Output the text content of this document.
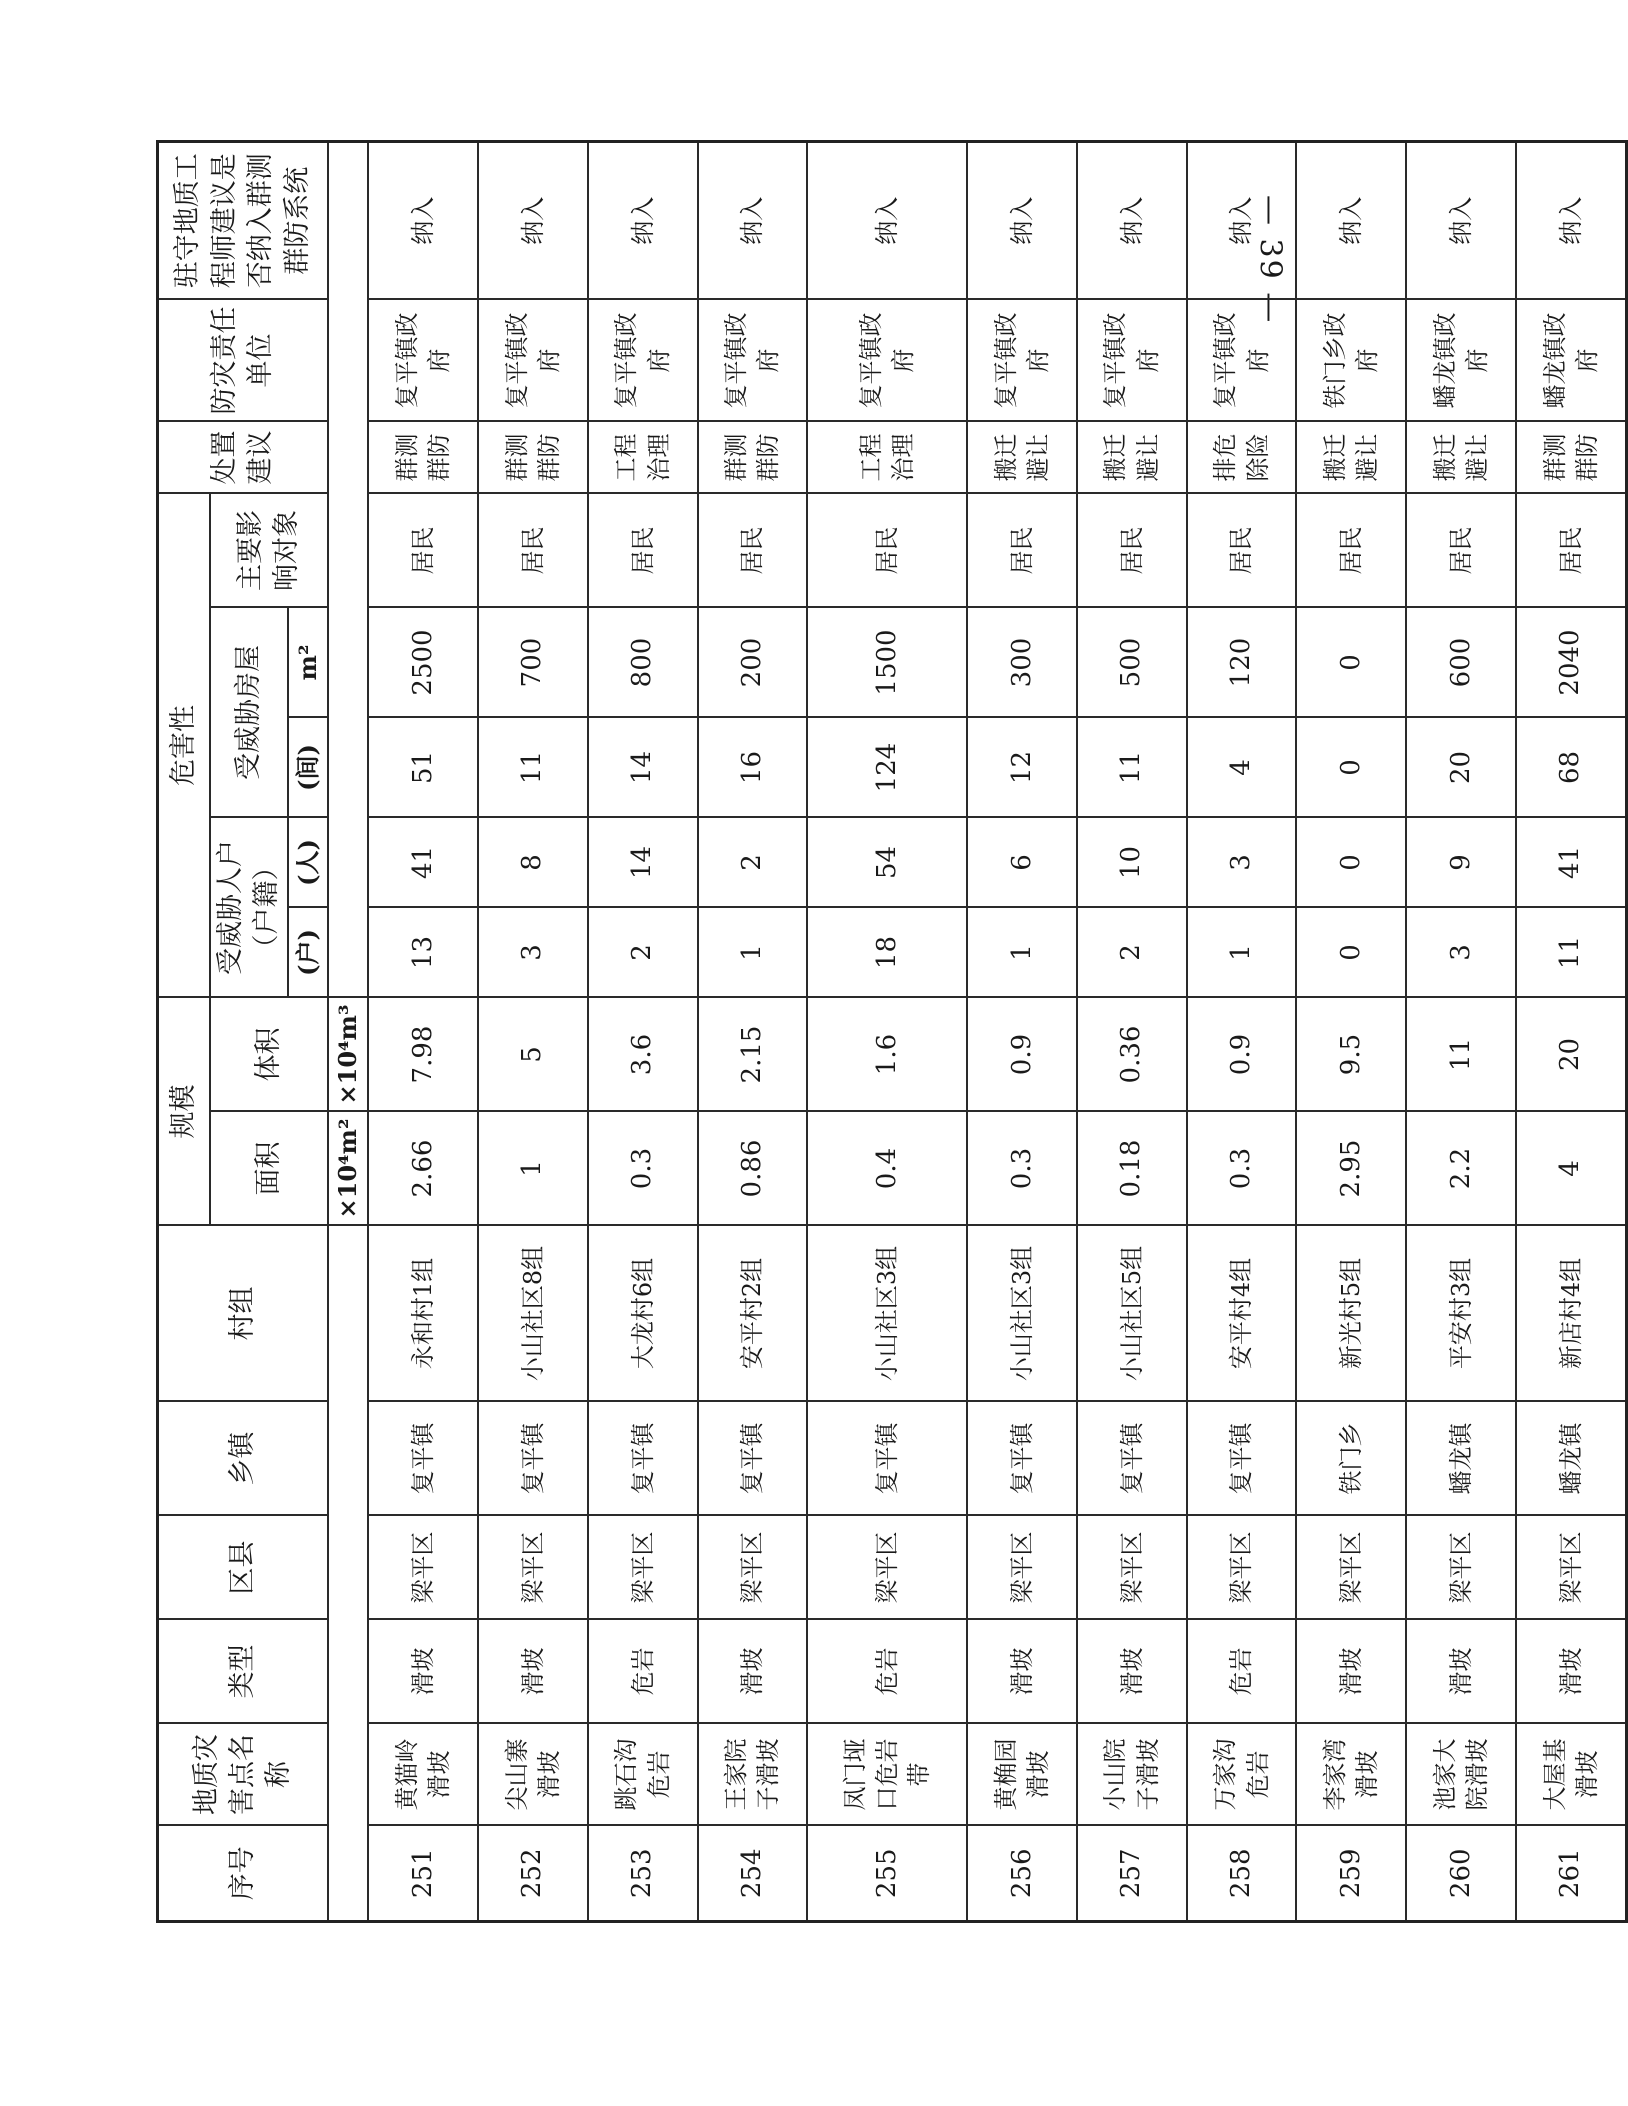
— 39 —
序号	地质灾害点名称	类型	区县	乡镇	村组	规模		危害性					处置建议	防灾责任单位	驻守地质工程师建议是否纳入群测群防系统
						面积	体积	受威胁人户（户籍）		受威胁房屋		主要影响对象			
								(户)	(人)	(间)	m²				
						×10⁴m²	×10⁴m³								
251	黄猫岭滑坡	滑坡	梁平区	复平镇	永和村1组	2.66	7.98	13	41	51	2500	居民	群测群防	复平镇政府	纳入
252	尖山寨滑坡	滑坡	梁平区	复平镇	小山社区8组	1	5	3	8	11	700	居民	群测群防	复平镇政府	纳入
253	跳石沟危岩	危岩	梁平区	复平镇	大龙村6组	0.3	3.6	2	14	14	800	居民	工程治理	复平镇政府	纳入
254	王家院子滑坡	滑坡	梁平区	复平镇	安平村2组	0.86	2.15	1	2	16	200	居民	群测群防	复平镇政府	纳入
255	凤门垭口危岩带	危岩	梁平区	复平镇	小山社区3组	0.4	1.6	18	54	124	1500	居民	工程治理	复平镇政府	纳入
256	黄桷园滑坡	滑坡	梁平区	复平镇	小山社区3组	0.3	0.9	1	6	12	300	居民	搬迁避让	复平镇政府	纳入
257	小山院子滑坡	滑坡	梁平区	复平镇	小山社区5组	0.18	0.36	2	10	11	500	居民	搬迁避让	复平镇政府	纳入
258	万家沟危岩	危岩	梁平区	复平镇	安平村4组	0.3	0.9	1	3	4	120	居民	排危除险	复平镇政府	纳入
259	李家湾滑坡	滑坡	梁平区	铁门乡	新光村5组	2.95	9.5	0	0	0	0	居民	搬迁避让	铁门乡政府	纳入
260	池家大院滑坡	滑坡	梁平区	蟠龙镇	平安村3组	2.2	11	3	9	20	600	居民	搬迁避让	蟠龙镇政府	纳入
261	大屋基滑坡	滑坡	梁平区	蟠龙镇	新店村4组	4	20	11	41	68	2040	居民	群测群防	蟠龙镇政府	纳入
